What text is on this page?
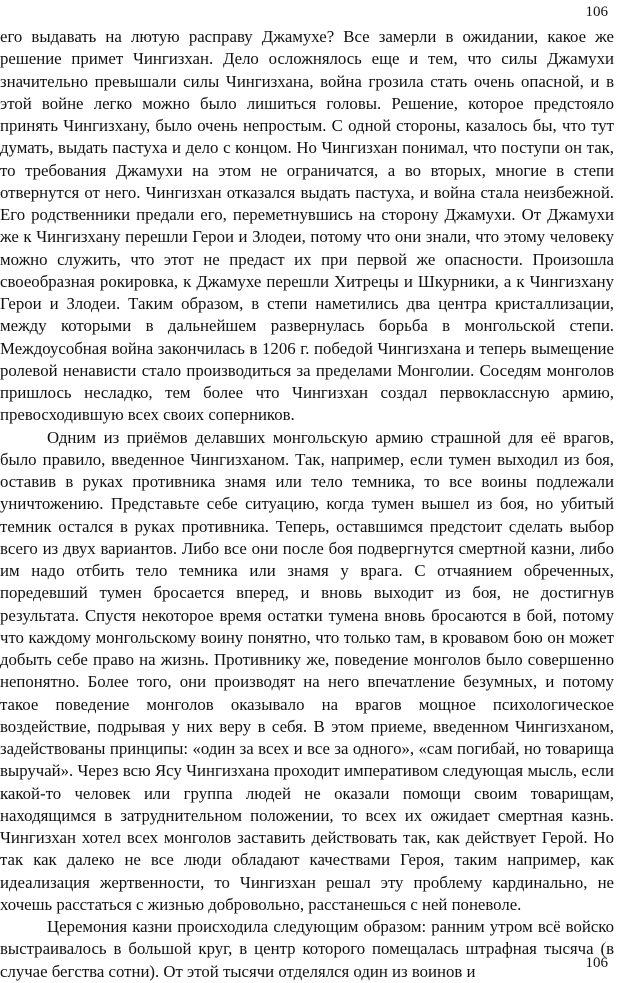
106

его выдавать на лютую расправу Джамухе? Все замерли в ожидании, какое же решение примет Чингизхан. Дело осложнялось еще и тем, что силы Джамухи значительно превышали силы Чингизхана, война грозила стать очень опасной, и в этой войне легко можно было лишиться головы. Решение, которое предстояло принять Чингизхану, было очень непростым. С одной стороны, казалось бы, что тут думать, выдать пастуха и дело с концом. Но Чингизхан понимал, что поступи он так, то требования Джамухи на этом не ограничатся, а во вторых, многие в степи отвернутся от него. Чингизхан отказался выдать пастуха, и война стала неизбежной. Его родственники предали его, переметнувшись на сторону Джамухи. От Джамухи же к Чингизхану перешли Герои и Злодеи, потому что они знали, что этому человеку можно служить, что этот не предаст их при первой же опасности. Произошла своеобразная рокировка, к Джамухе перешли Хитрецы и Шкурники, а к Чингизхану Герои и Злодеи. Таким образом, в степи наметились два центра кристаллизации, между которыми в дальнейшем развернулась борьба в монгольской степи. Междоусобная война закончилась в 1206 г. победой Чингизхана и теперь вымещение ролевой ненависти стало производиться за пределами Монголии. Соседям монголов пришлось несладко, тем более что Чингизхан создал первоклассную армию, превосходившую всех своих соперников.

Одним из приёмов делавших монгольскую армию страшной для её врагов, было правило, введенное Чингизханом. Так, например, если тумен выходил из боя, оставив в руках противника знамя или тело темника, то все воины подлежали уничтожению. Представьте себе ситуацию, когда тумен вышел из боя, но убитый темник остался в руках противника. Теперь, оставшимся предстоит сделать выбор всего из двух вариантов. Либо все они после боя подвергнутся смертной казни, либо им надо отбить тело темника или знамя у врага. С отчаянием обреченных, поредевший тумен бросается вперед, и вновь выходит из боя, не достигнув результата. Спустя некоторое время остатки тумена вновь бросаются в бой, потому что каждому монгольскому воину понятно, что только там, в кровавом бою он может добыть себе право на жизнь. Противнику же, поведение монголов было совершенно непонятно. Более того, они производят на него впечатление безумных, и потому такое поведение монголов оказывало на врагов мощное психологическое воздействие, подрывая у них веру в себя. В этом приеме, введенном Чингизханом, задействованы принципы: «один за всех и все за одного», «сам погибай, но товарища выручай». Через всю Ясу Чингизхана проходит императивом следующая мысль, если какой-то человек или группа людей не оказали помощи своим товарищам, находящимся в затруднительном положении, то всех их ожидает смертная казнь. Чингизхан хотел всех монголов заставить действовать так, как действует Герой. Но так как далеко не все люди обладают качествами Героя, таким например, как идеализация жертвенности, то Чингизхан решал эту проблему кардинально, не хочешь расстаться с жизнью добровольно, расстанешься с ней поневоле.

Церемония казни происходила следующим образом: ранним утром всё войско выстраивалось в большой круг, в центр которого помещалась штрафная тысяча (в случае бегства сотни). От этой тысячи отделялся один из воинов и	106
